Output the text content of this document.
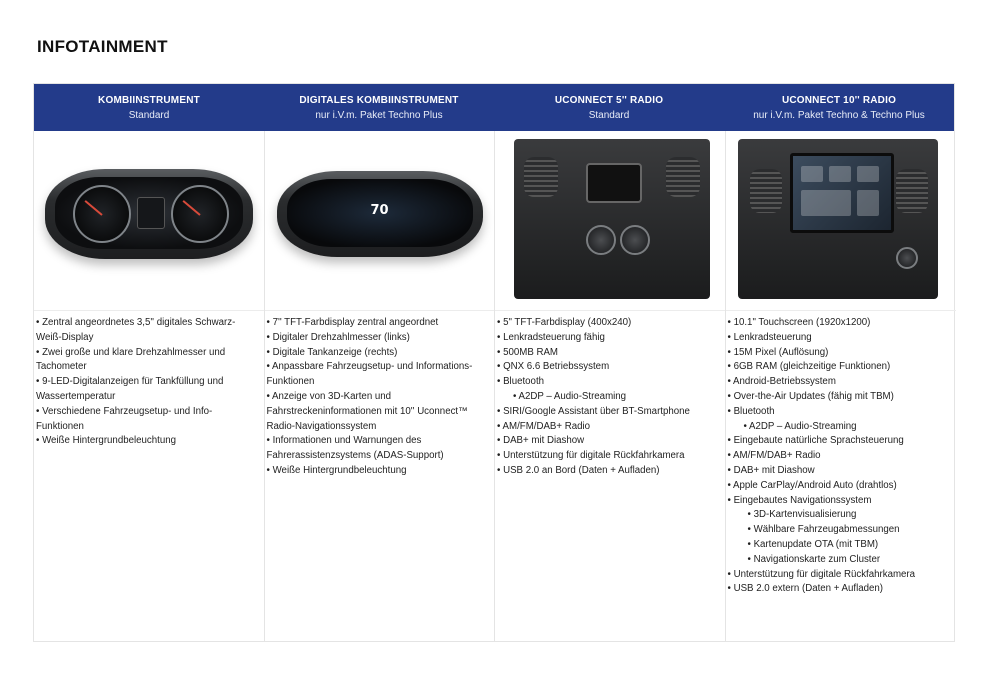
INFOTAINMENT
KOMBIINSTRUMENT
Standard
DIGITALES KOMBIINSTRUMENT
nur i.V.m. Paket Techno Plus
UCONNECT 5'' RADIO
Standard
UCONNECT 10'' RADIO
nur i.V.m. Paket Techno & Techno Plus
• Zentral angeordnetes 3,5'' digitales Schwarz-Weiß-Display
• Zwei große und klare Drehzahlmesser und Tachometer
• 9-LED-Digitalanzeigen für Tankfüllung und Wassertemperatur
• Verschiedene Fahrzeugsetup- und Info-Funktionen
• Weiße Hintergrundbeleuchtung
70
• 7'' TFT-Farbdisplay zentral angeordnet
• Digitaler Drehzahlmesser (links)
• Digitale Tankanzeige (rechts)
• Anpassbare Fahrzeugsetup- und Informations-Funktionen
• Anzeige von 3D-Karten und Fahrstreckeninformationen mit 10'' Uconnect™ Radio-Navigationssystem
• Informationen und Warnungen des Fahrerassistenzsystems (ADAS-Support)
• Weiße Hintergrundbeleuchtung
• 5" TFT-Farbdisplay (400x240)
• Lenkradsteuerung fähig
• 500MB RAM
• QNX 6.6 Betriebssystem
• Bluetooth
• A2DP – Audio-Streaming
• SIRI/Google Assistant über BT-Smartphone
• AM/FM/DAB+ Radio
• DAB+ mit Diashow
• Unterstützung für digitale Rückfahrkamera
• USB 2.0 an Bord (Daten + Aufladen)
• 10.1" Touchscreen (1920x1200)
• Lenkradsteuerung
• 15M Pixel (Auflösung)
• 6GB RAM (gleichzeitige Funktionen)
• Android-Betriebssystem
• Over-the-Air Updates (fähig mit TBM)
• Bluetooth
• A2DP – Audio-Streaming
• Eingebaute natürliche Sprachsteuerung
• AM/FM/DAB+ Radio
• DAB+ mit Diashow
• Apple CarPlay/Android Auto (drahtlos)
• Eingebautes Navigationssystem
• 3D-Kartenvisualisierung
• Wählbare Fahrzeugabmessungen
• Kartenupdate OTA (mit TBM)
• Navigationskarte zum Cluster
• Unterstützung für digitale Rückfahrkamera
• USB 2.0 extern (Daten + Aufladen)
